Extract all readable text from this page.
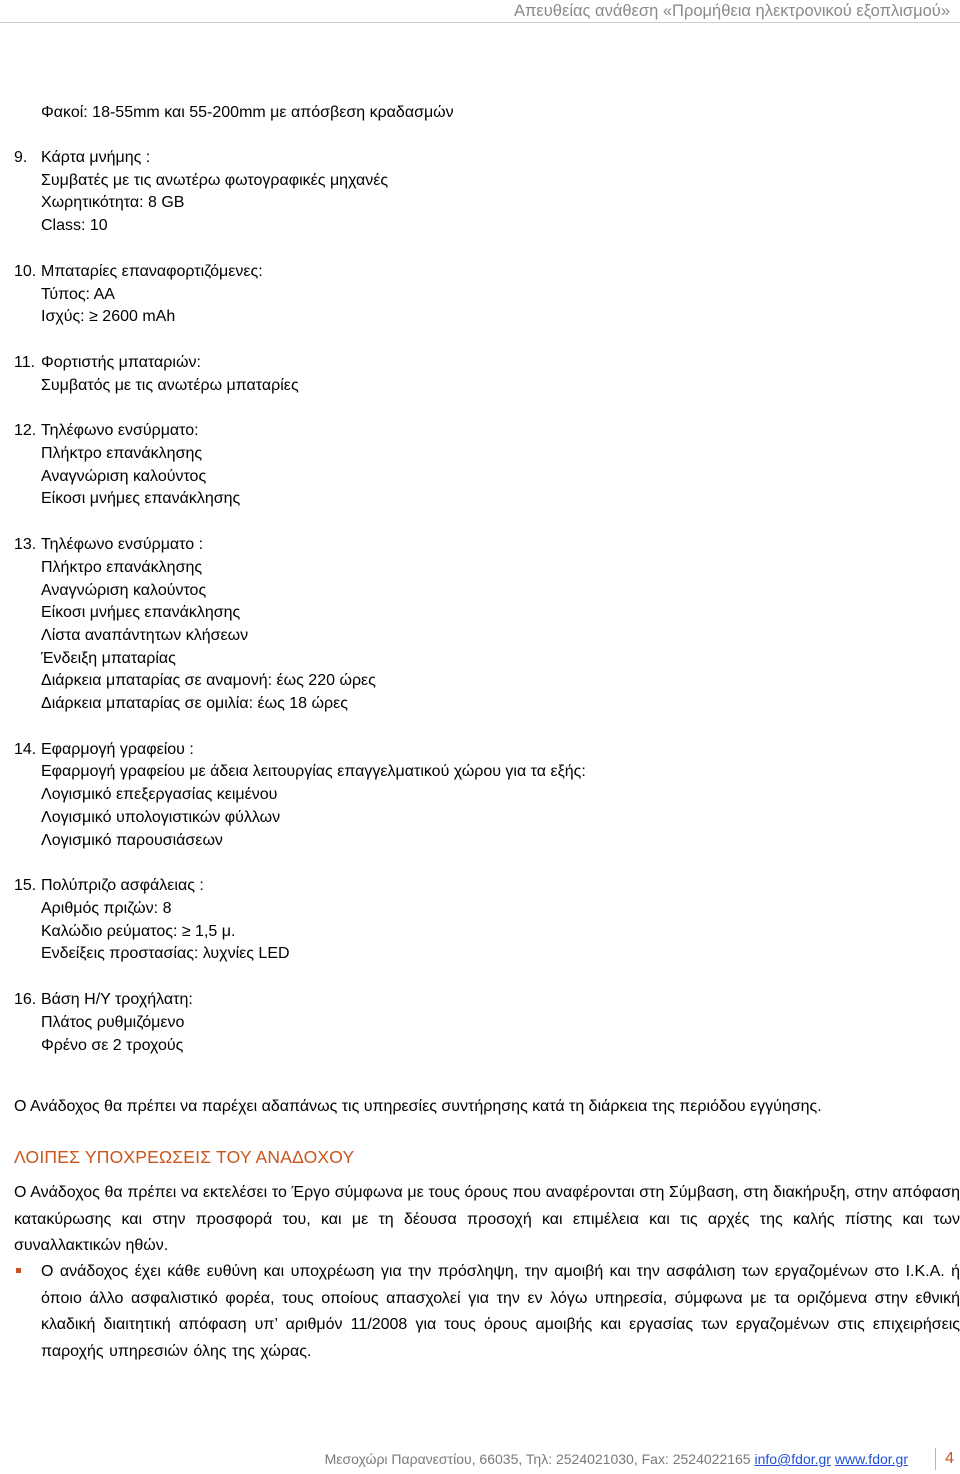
Απευθείας ανάθεση «Προμήθεια ηλεκτρονικού εξοπλισμού»

Φακοί: 18-55mm και 55-200mm με απόσβεση κραδασμών

9. Κάρτα μνήμης :
Συμβατές με τις ανωτέρω φωτογραφικές μηχανές
Χωρητικότητα: 8 GB
Class: 10
10. Μπαταρίες επαναφορτιζόμενες:
Τύπος: ΑΑ
Ισχύς: ≥ 2600 mAh
11. Φορτιστής μπαταριών:
Συμβατός με τις ανωτέρω μπαταρίες
12. Τηλέφωνο ενσύρματο:
Πλήκτρο επανάκλησης
Αναγνώριση καλούντος
Είκοσι μνήμες επανάκλησης
13. Τηλέφωνο ενσύρματο :
Πλήκτρο επανάκλησης
Αναγνώριση καλούντος
Είκοσι μνήμες επανάκλησης
Λίστα αναπάντητων κλήσεων
Ένδειξη μπαταρίας
Διάρκεια μπαταρίας σε αναμονή: έως 220 ώρες
Διάρκεια μπαταρίας σε ομιλία: έως 18 ώρες
14. Εφαρμογή γραφείου :
Εφαρμογή γραφείου με άδεια λειτουργίας επαγγελματικού χώρου για τα εξής:
Λογισμικό επεξεργασίας κειμένου
Λογισμικό υπολογιστικών φύλλων
Λογισμικό παρουσιάσεων
15. Πολύπριζο ασφάλειας :
Αριθμός πριζών: 8
Καλώδιο ρεύματος: ≥ 1,5 μ.
Ενδείξεις προστασίας: λυχνίες LED
16. Βάση Η/Υ τροχήλατη:
Πλάτος ρυθμιζόμενο
Φρένο σε 2 τροχούς

Ο Ανάδοχος θα πρέπει να παρέχει αδαπάνως τις υπηρεσίες συντήρησης κατά τη διάρκεια της περιόδου εγγύησης.

ΛΟΙΠΕΣ ΥΠΟΧΡΕΩΣΕΙΣ ΤΟΥ ΑΝΑΔΟΧΟΥ

Ο Ανάδοχος θα πρέπει να εκτελέσει το Έργο σύμφωνα με τους όρους που αναφέρονται στη Σύμβαση, στη διακήρυξη, στην απόφαση κατακύρωσης και στην προσφορά του, και με τη δέουσα προσοχή και επιμέλεια και τις αρχές της καλής πίστης και των συναλλακτικών ηθών.

Ο ανάδοχος έχει κάθε ευθύνη και υποχρέωση για την πρόσληψη, την αμοιβή και την ασφάλιση των εργαζομένων στο Ι.Κ.Α. ή όποιο άλλο ασφαλιστικό φορέα, τους οποίους απασχολεί για την εν λόγω υπηρεσία, σύμφωνα με τα οριζόμενα στην εθνική κλαδική διαιτητική απόφαση υπ’ αριθμόν 11/2008 για τους όρους αμοιβής και εργασίας των εργαζομένων στις επιχειρήσεις παροχής υπηρεσιών όλης της χώρας.
Μεσοχώρι Παρανεστίου, 66035, Τηλ: 2524021030, Fax: 2524022165 info@fdor.gr www.fdor.gr 4
